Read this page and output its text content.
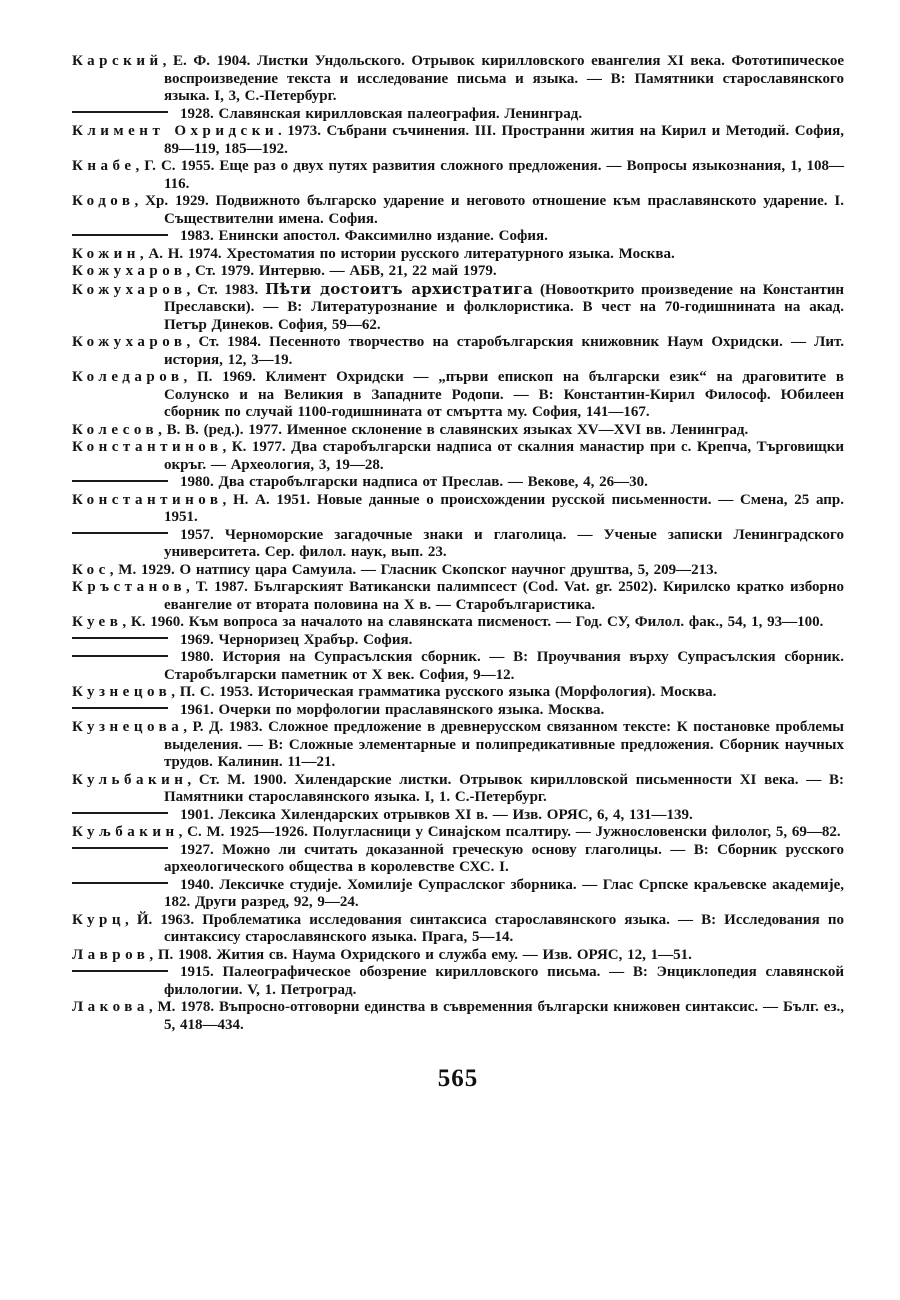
Карский, Е. Ф. 1904. Листки Ундольского. Отрывок кирилловского евангелия XI века. Фототипическое воспроизведение текста и исследование письма и языка. — В: Памятники старославянского языка. I, 3, С.-Петербург.

1928. Славянская кирилловская палеография. Ленинград.

Климент Охридски. 1973. Събрани съчинения. III. Пространни жития на Кирил и Методий. София, 89—119, 185—192.

Кнабе, Г. С. 1955. Еще раз о двух путях развития сложного предложения. — Вопросы языкознания, 1, 108—116.

Кодов, Хр. 1929. Подвижното българско ударение и неговото отношение към праславянското ударение. I. Съществителни имена. София.

1983. Енински апостол. Факсимилно издание. София.

Кожин, А. Н. 1974. Хрестоматия по истории русского литературного языка. Москва.

Кожухаров, Ст. 1979. Интервю. — АБВ, 21, 22 май 1979.

Кожухаров, Ст. 1983. Пѣти достоитъ архистратига (Новооткрито произведение на Константин Преславски). — В: Литературознание и фолклористика. В чест на 70-годишнината на акад. Петър Динеков. София, 59—62.

Кожухаров, Ст. 1984. Песенното творчество на старобългарския книжовник Наум Охридски. — Лит. история, 12, 3—19.

Коледаров, П. 1969. Климент Охридски — „първи епископ на български език“ на драговитите в Солунско и на Великия в Западните Родопи. — В: Константин-Кирил Философ. Юбилеен сборник по случай 1100-годишнината от смъртта му. София, 141—167.

Колесов, В. В. (ред.). 1977. Именное склонение в славянских языках XV—XVI вв. Ленинград.

Константинов, К. 1977. Два старобългарски надписа от скалния манастир при с. Крепча, Търговищки окръг. — Археология, 3, 19—28.

1980. Два старобългарски надписа от Преслав. — Векове, 4, 26—30.

Константинов, Н. А. 1951. Новые данные о происхождении русской письменности. — Смена, 25 апр. 1951.

1957. Черноморские загадочные знаки и глаголица. — Ученые записки Ленинградского университета. Сер. филол. наук, вып. 23.

Кос, М. 1929. О натпису цара Самуила. — Гласник Скопског научног друштва, 5, 209—213.

Кръстанов, Т. 1987. Българският Ватикански палимпсест (Cod. Vat. gr. 2502). Кирилско кратко изборно евангелие от втората половина на X в. — Старобългаристика.

Куев, К. 1960. Към вопроса за началото на славянската писменост. — Год. СУ, Филол. фак., 54, 1, 93—100.

1969. Черноризец Храбър. София.

1980. История на Супрасълския сборник. — В: Проучвания върху Супрасълския сборник. Старобългарски паметник от X век. София, 9—12.

Кузнецов, П. С. 1953. Историческая грамматика русского языка (Морфология). Москва.

1961. Очерки по морфологии праславянского языка. Москва.

Кузнецова, Р. Д. 1983. Сложное предложение в древнерусском связанном тексте: К постановке проблемы выделения. — В: Сложные элементарные и полипредикативные предложения. Сборник научных трудов. Калинин. 11—21.

Кульбакин, Ст. М. 1900. Хилендарские листки. Отрывок кирилловской письменности XI века. — В: Памятники старославянского языка. I, 1. С.-Петербург.

1901. Лексика Хилендарских отрывков XI в. — Изв. ОРЯС, 6, 4, 131—139.

Куљбакин, С. М. 1925—1926. Полугласници у Синајском псалтиру. — Јужнословенски филолог, 5, 69—82.

1927. Можно ли считать доказанной греческую основу глаголицы. — В: Сборник русского археологического общества в королевстве СХС. I.

1940. Лексичке студије. Хомилије Супраслског зборника. — Глас Српске краљевске академије, 182. Други разред, 92, 9—24.

Курц, Й. 1963. Проблематика исследования синтаксиса старославянского языка. — В: Исследования по синтаксису старославянского языка. Прага, 5—14.

Лавров, П. 1908. Жития св. Наума Охридского и служба ему. — Изв. ОРЯС, 12, 1—51.

1915. Палеографическое обозрение кирилловского письма. — В: Энциклопедия славянской филологии. V, 1. Петроград.

Лакова, М. 1978. Въпросно-отговорни единства в съвременния български книжовен синтаксис. — Бълг. ез., 5, 418—434.

565
